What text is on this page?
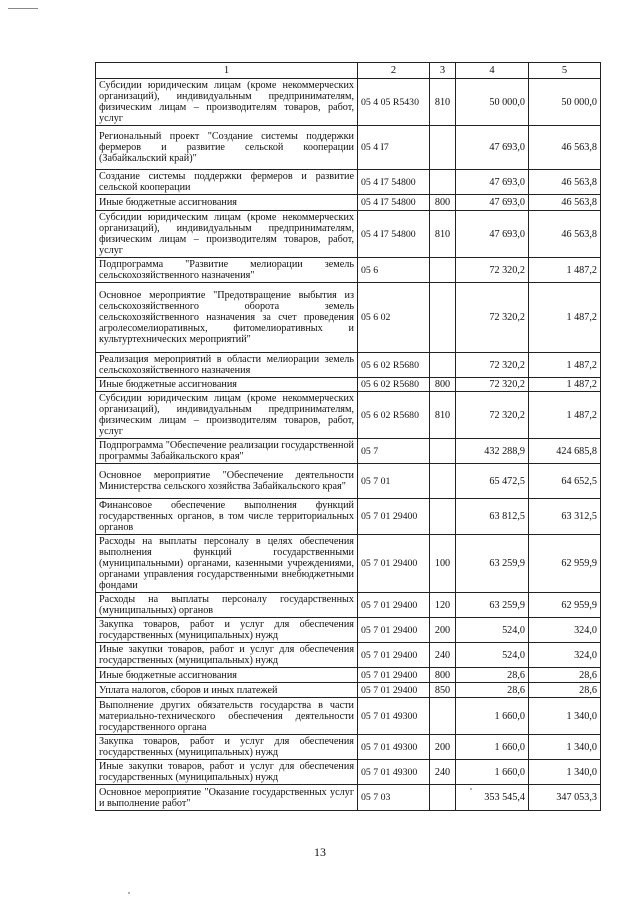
1	2	3	4	5
Субсидии юридическим лицам (кроме некоммерческих организаций), индивидуальным предпринимателям, физическим лицам – производителям товаров, работ, услуг	05 4 05 R5430	810	50 000,0	50 000,0
Региональный проект "Создание системы поддержки фермеров и развитие сельской кооперации (Забайкальский край)"	05 4 I7		47 693,0	46 563,8
Создание системы поддержки фермеров и развитие сельской кооперации	05 4 I7 54800		47 693,0	46 563,8
Иные бюджетные ассигнования	05 4 I7 54800	800	47 693,0	46 563,8
Субсидии юридическим лицам (кроме некоммерческих организаций), индивидуальным предпринимателям, физическим лицам – производителям товаров, работ, услуг	05 4 I7 54800	810	47 693,0	46 563,8
Подпрограмма "Развитие мелиорации земель сельскохозяйственного назначения"	05 6		72 320,2	1 487,2
Основное мероприятие "Предотвращение выбытия из сельскохозяйственного оборота земель сельскохозяйственного назначения за счет проведения агролесомелиоративных, фитомелиоративных и культуртехнических мероприятий"	05 6 02		72 320,2	1 487,2
Реализация мероприятий в области мелиорации земель сельскохозяйственного назначения	05 6 02 R5680		72 320,2	1 487,2
Иные бюджетные ассигнования	05 6 02 R5680	800	72 320,2	1 487,2
Субсидии юридическим лицам (кроме некоммерческих организаций), индивидуальным предпринимателям, физическим лицам – производителям товаров, работ, услуг	05 6 02 R5680	810	72 320,2	1 487,2
Подпрограмма "Обеспечение реализации государственной программы Забайкальского края"	05 7		432 288,9	424 685,8
Основное мероприятие "Обеспечение деятельности Министерства сельского хозяйства Забайкальского края"	05 7 01		65 472,5	64 652,5
Финансовое обеспечение выполнения функций государственных органов, в том числе территориальных органов	05 7 01 29400		63 812,5	63 312,5
Расходы на выплаты персоналу в целях обеспечения выполнения функций государственными (муниципальными) органами, казенными учреждениями, органами управления государственными внебюджетными фондами	05 7 01 29400	100	63 259,9	62 959,9
Расходы на выплаты персоналу государственных (муниципальных) органов	05 7 01 29400	120	63 259,9	62 959,9
Закупка товаров, работ и услуг для обеспечения государственных (муниципальных) нужд	05 7 01 29400	200	524,0	324,0
Иные закупки товаров, работ и услуг для обеспечения государственных (муниципальных) нужд	05 7 01 29400	240	524,0	324,0
Иные бюджетные ассигнования	05 7 01 29400	800	28,6	28,6
Уплата налогов, сборов и иных платежей	05 7 01 29400	850	28,6	28,6
Выполнение других обязательств государства в части материально-технического обеспечения деятельности государственного органа	05 7 01 49300		1 660,0	1 340,0
Закупка товаров, работ и услуг для обеспечения государственных (муниципальных) нужд	05 7 01 49300	200	1 660,0	1 340,0
Иные закупки товаров, работ и услуг для обеспечения государственных (муниципальных) нужд	05 7 01 49300	240	1 660,0	1 340,0
Основное мероприятие "Оказание государственных услуг и выполнение работ"	05 7 03		353 545,4	347 053,3
13
